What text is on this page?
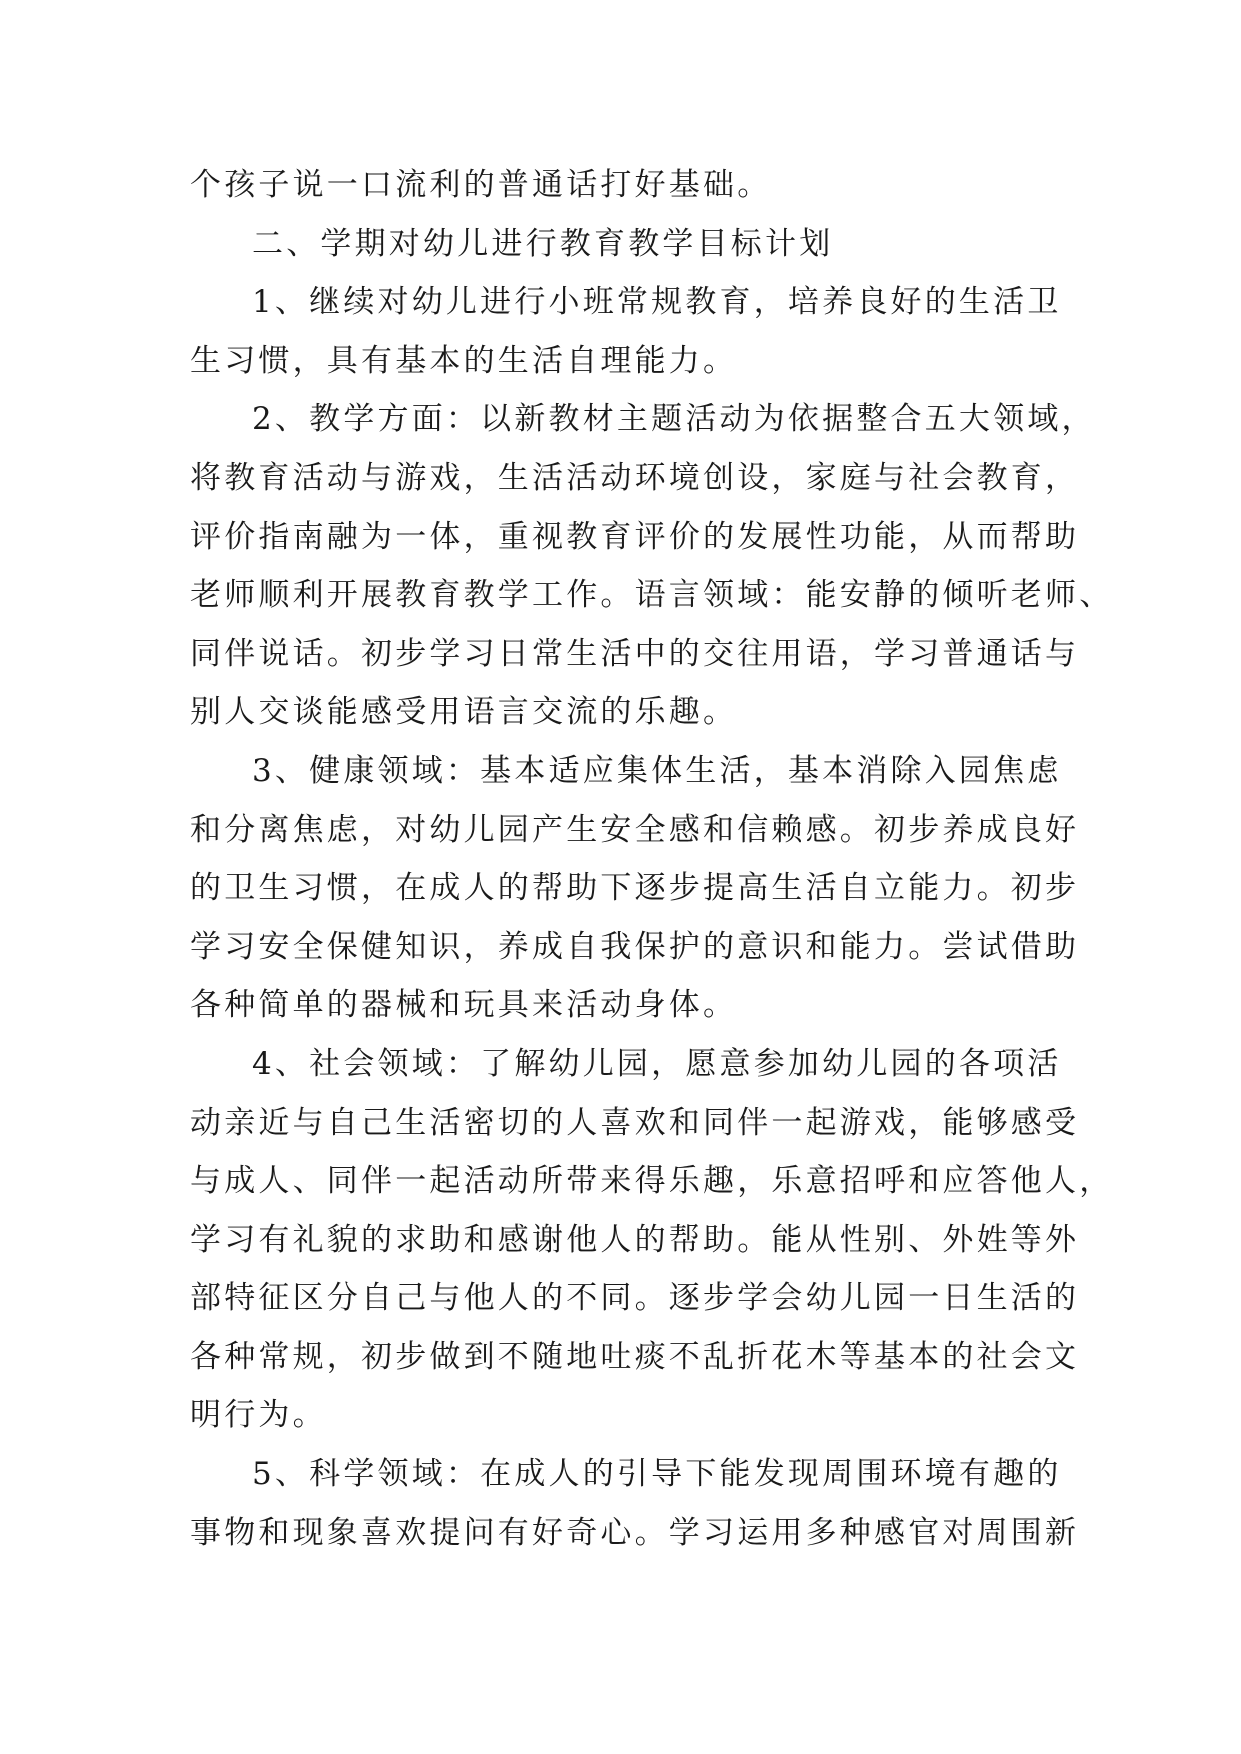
个孩子说一口流利的普通话打好基础。
二、学期对幼儿进行教育教学目标计划
1、继续对幼儿进行小班常规教育，培养良好的生活卫
生习惯，具有基本的生活自理能力。
2、教学方面：以新教材主题活动为依据整合五大领域，
将教育活动与游戏，生活活动环境创设，家庭与社会教育，
评价指南融为一体，重视教育评价的发展性功能，从而帮助
老师顺利开展教育教学工作。语言领域：能安静的倾听老师、
同伴说话。初步学习日常生活中的交往用语，学习普通话与
别人交谈能感受用语言交流的乐趣。
3、健康领域：基本适应集体生活，基本消除入园焦虑
和分离焦虑，对幼儿园产生安全感和信赖感。初步养成良好
的卫生习惯，在成人的帮助下逐步提高生活自立能力。初步
学习安全保健知识，养成自我保护的意识和能力。尝试借助
各种简单的器械和玩具来活动身体。
4、社会领域：了解幼儿园，愿意参加幼儿园的各项活
动亲近与自己生活密切的人喜欢和同伴一起游戏，能够感受
与成人、同伴一起活动所带来得乐趣，乐意招呼和应答他人，
学习有礼貌的求助和感谢他人的帮助。能从性别、外姓等外
部特征区分自己与他人的不同。逐步学会幼儿园一日生活的
各种常规，初步做到不随地吐痰不乱折花木等基本的社会文
明行为。
5、科学领域：在成人的引导下能发现周围环境有趣的
事物和现象喜欢提问有好奇心。学习运用多种感官对周围新
